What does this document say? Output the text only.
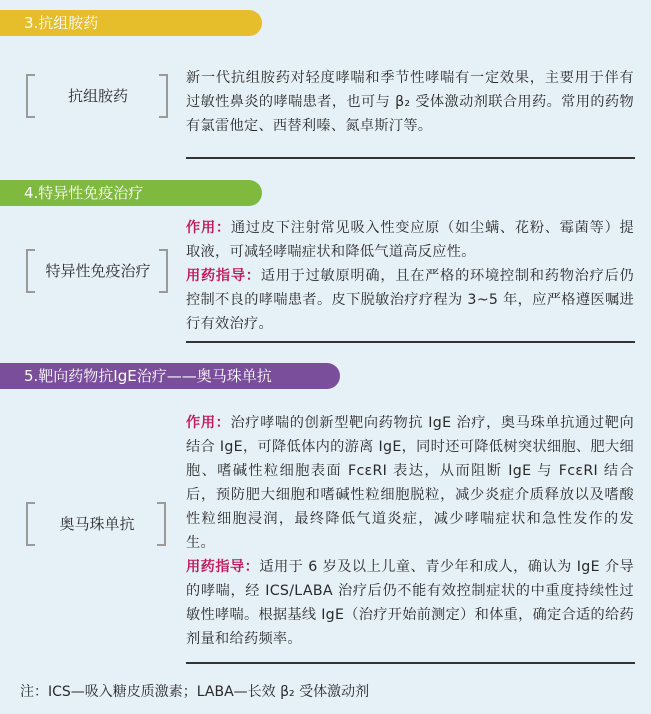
3.抗组胺药
抗组胺药
新一代抗组胺药对轻度哮喘和季节性哮喘有一定效果，主要用于伴有过敏性鼻炎的哮喘患者，也可与 β₂ 受体激动剂联合用药。常用的药物有氯雷他定、西替利嗪、氮卓斯汀等。
4.特异性免疫治疗
特异性免疫治疗
作用：通过皮下注射常见吸入性变应原（如尘螨、花粉、霉菌等）提取液，可减轻哮喘症状和降低气道高反应性。
用药指导：适用于过敏原明确，且在严格的环境控制和药物治疗后仍控制不良的哮喘患者。皮下脱敏治疗疗程为 3~5 年，应严格遵医嘱进行有效治疗。
5.靶向药物抗IgE治疗——奥马珠单抗
奥马珠单抗
作用：治疗哮喘的创新型靶向药物抗 IgE 治疗，奥马珠单抗通过靶向结合 IgE，可降低体内的游离 IgE，同时还可降低树突状细胞、肥大细胞、嗜碱性粒细胞表面 FcεRI 表达，从而阻断 IgE 与 FcεRI 结合后，预防肥大细胞和嗜碱性粒细胞脱粒，减少炎症介质释放以及嗜酸性粒细胞浸润，最终降低气道炎症，减少哮喘症状和急性发作的发生。
用药指导：适用于 6 岁及以上儿童、青少年和成人，确认为 IgE 介导的哮喘，经 ICS/LABA 治疗后仍不能有效控制症状的中重度持续性过敏性哮喘。根据基线 IgE（治疗开始前测定）和体重，确定合适的给药剂量和给药频率。
注：ICS—吸入糖皮质激素；LABA—长效 β₂ 受体激动剂
